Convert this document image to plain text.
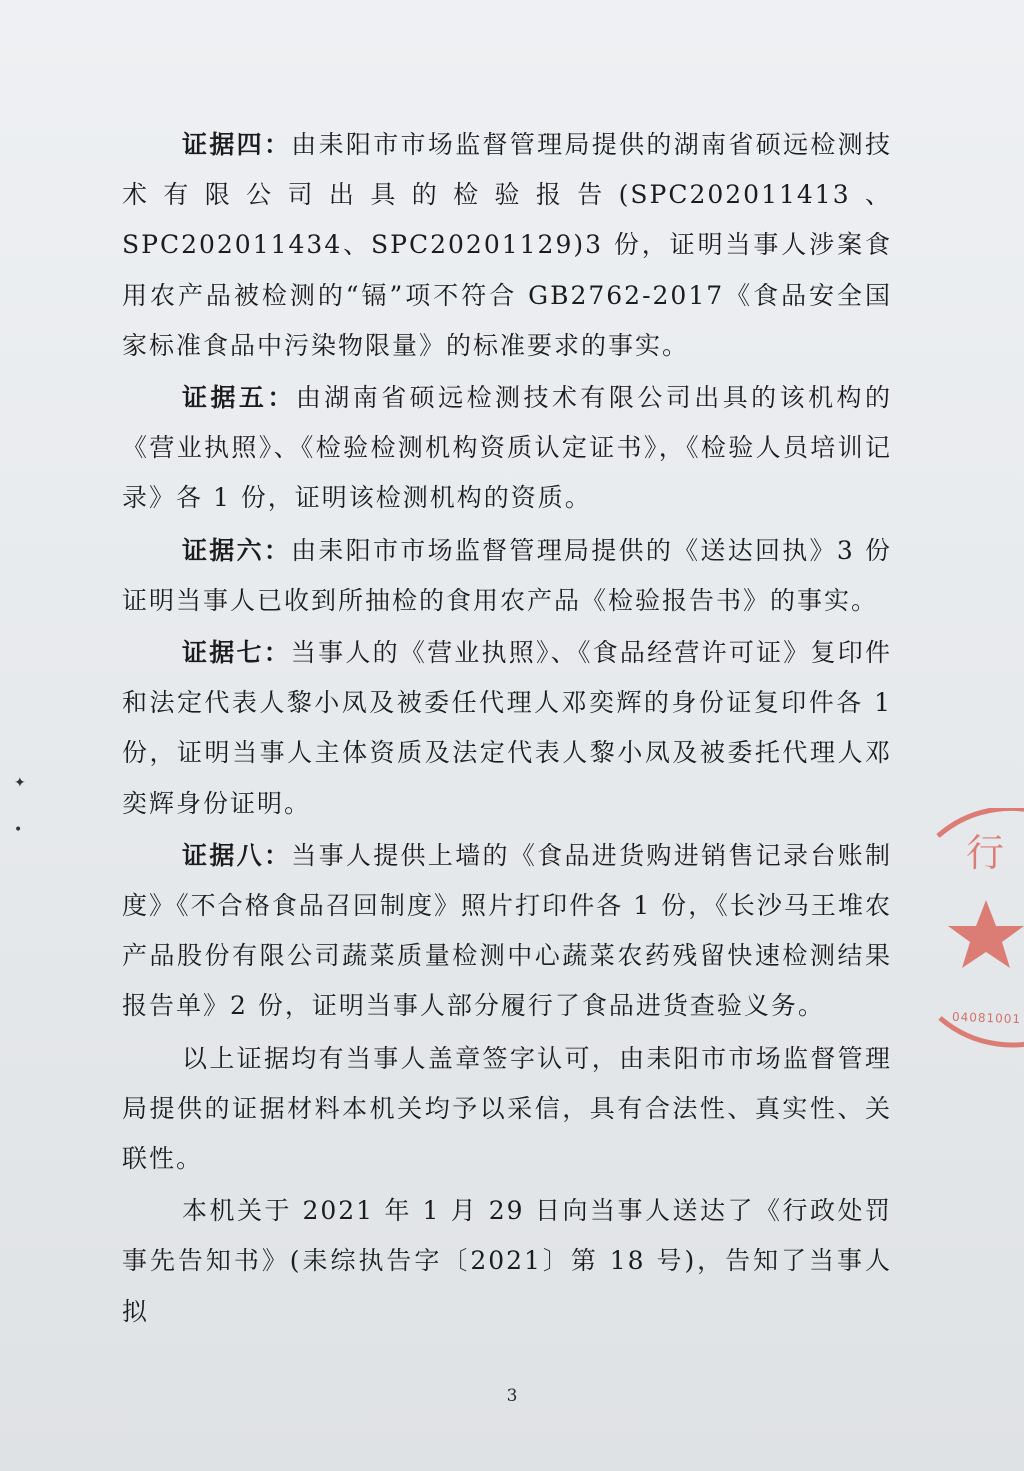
证据四：由耒阳市市场监督管理局提供的湖南省硕远检测技术有限公司出具的检验报告(SPC202011413、SPC202011434、SPC20201129)3 份，证明当事人涉案食用农产品被检测的“镉”项不符合 GB2762-2017《食品安全国家标准食品中污染物限量》的标准要求的事实。

证据五：由湖南省硕远检测技术有限公司出具的该机构的《营业执照》、《检验检测机构资质认定证书》，《检验人员培训记录》各 1 份，证明该检测机构的资质。

证据六：由耒阳市市场监督管理局提供的《送达回执》3 份证明当事人已收到所抽检的食用农产品《检验报告书》的事实。

证据七：当事人的《营业执照》、《食品经营许可证》复印件和法定代表人黎小凤及被委任代理人邓奕辉的身份证复印件各 1 份，证明当事人主体资质及法定代表人黎小凤及被委托代理人邓奕辉身份证明。

证据八：当事人提供上墙的《食品进货购进销售记录台账制度》《不合格食品召回制度》照片打印件各 1 份，《长沙马王堆农产品股份有限公司蔬菜质量检测中心蔬菜农药残留快速检测结果报告单》2 份，证明当事人部分履行了食品进货查验义务。

以上证据均有当事人盖章签字认可，由耒阳市市场监督管理局提供的证据材料本机关均予以采信，具有合法性、真实性、关联性。

本机关于 2021 年 1 月 29 日向当事人送达了《行政处罚事先告知书》(耒综执告字〔2021〕第 18 号)，告知了当事人拟

✦
•
行
04081001
3
